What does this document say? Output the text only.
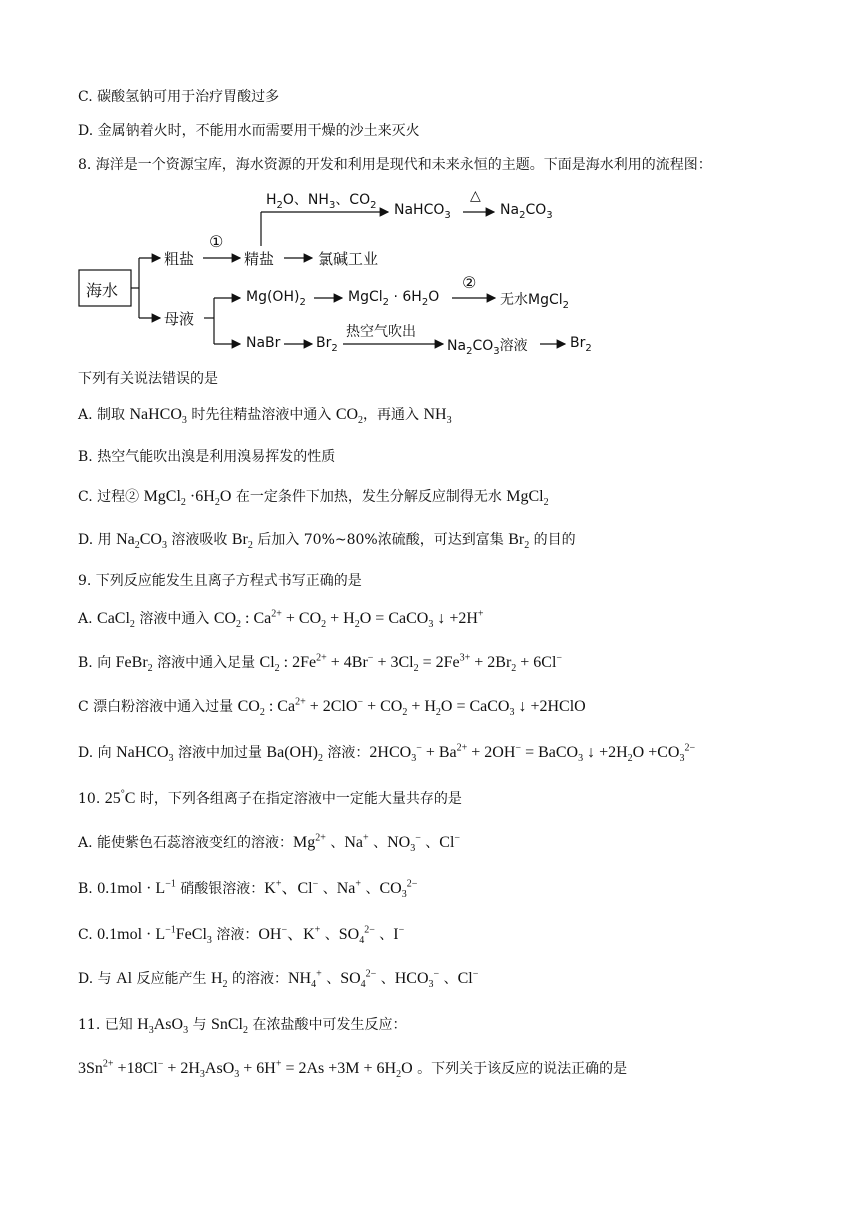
C. 碳酸氢钠可用于治疗胃酸过多
D. 金属钠着火时，不能用水而需要用干燥的沙土来灭火
8. 海洋是一个资源宝库，海水资源的开发和利用是现代和未来永恒的主题。下面是海水利用的流程图：
海水
粗盐
①
精盐	氯碱工业
$H_2O$、$NH_3$、$CO_2$ NaHCO$_3$
△
$Na_2CO_3$
母液
$Mg(OH)_2$	MgCl$_2$ · $6H_2O$
②
无水MgCl$_2$
NaBr	$Br_2$
热空气吹出
$Na_2CO_3$溶液	$Br_2$
下列有关说法错误的是
A. 制取 NaHCO$_3$ 时先往精盐溶液中通入 $CO_2$，再通入 $NH_3$
B. 热空气能吹出溴是利用溴易挥发的性质
C. 过程② MgCl$_2$ $\cdot 6H_2O$ 在一定条件下加热，发生分解反应制得无水 MgCl$_2$
D. 用 $Na_2CO_3$ 溶液吸收 $Br_2$ 后加入 70%~80%浓硫酸，可达到富集 $Br_2$ 的目的
9. 下列反应能发生且离子方程式书写正确的是
A. CaCl$_2$ 溶液中通入 $CO_2$ : $Ca^{2+} + CO_2 + H_2O$ = CaCO$_3$ ↓ +2H+
B. 向 FeBr$_2$ 溶液中通入足量 $Cl_2$ : $2Fe^{2+} + 4Br^- + 3Cl_2 = 2Fe^{3+} + 2Br_2 + 6Cl^-$
C 漂白粉溶液中通入过量 $CO_2$ : $Ca^{2+} + 2ClO^- + CO_2 + H_2O$ = CaCO$_3$ ↓ +2HClO
D. 向 NaHCO$_3$ 溶液中加过量 $Ba(OH)_2$ 溶液：$2HCO_3^- + Ba^{2+} + 2OH^-$ = BaCO$_3$ ↓ $+2H_2O +CO_3^{2-}$
10. 25°C 时，下列各组离子在指定溶液中一定能大量共存的是
A. 能使紫色石蕊溶液变红的溶液：$Mg^{2+}$ 、Na+ 、$NO_3^-$ 、Cl−
B. $0.1mol \cdot L^{-1}$ 硝酸银溶液：K+、Cl− 、Na+ 、$CO_3^{2-}$
C. $0.1mol \cdot L^{-1}FeCl_3$ 溶液：OH−、K+ 、$SO_4^{2-}$ 、I−
D. 与 Al 反应能产生 $H_2$ 的溶液：$NH_4^+$ 、$SO_4^{2-}$ 、$HCO_3^-$ 、Cl−
11. 已知 $H_3AsO_3$ 与 SnCl$_2$ 在浓盐酸中可发生反应：
$3Sn^{2+} +18Cl^- + 2H_3AsO_3 + 6H^+ = 2As +3M + 6H_2O$ 。下列关于该反应的说法正确的是
